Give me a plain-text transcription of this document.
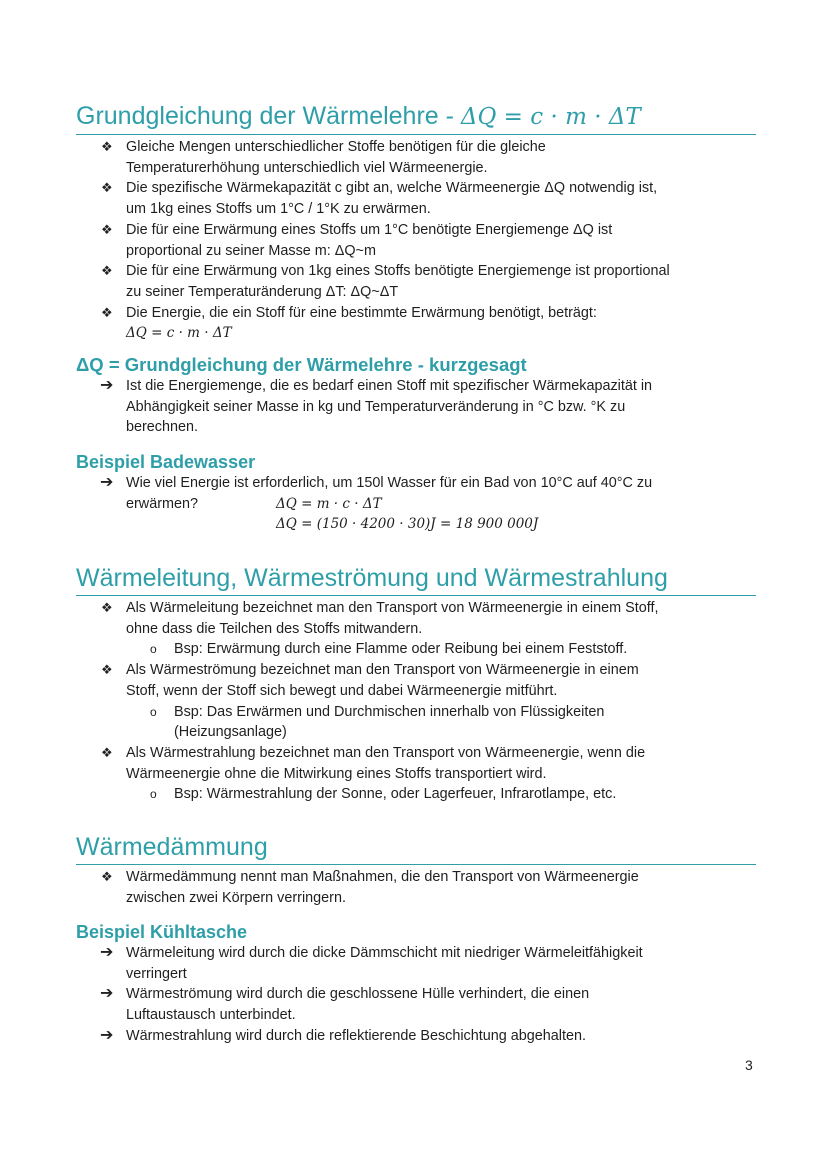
Grundgleichung der Wärmelehre - ΔQ = c · m · ΔT
❖ Gleiche Mengen unterschiedlicher Stoffe benötigen für die gleiche
Temperaturerhöhung unterschiedlich viel Wärmeenergie.
❖ Die spezifische Wärmekapazität c gibt an, welche Wärmeenergie ΔQ notwendig ist,
um 1kg eines Stoffs um 1°C / 1°K zu erwärmen.
❖ Die für eine Erwärmung eines Stoffs um 1°C benötigte Energiemenge ΔQ ist
proportional zu seiner Masse m: ΔQ~m
❖ Die für eine Erwärmung von 1kg eines Stoffs benötigte Energiemenge ist proportional
zu seiner Temperaturänderung ΔT: ΔQ~ΔT
❖ Die Energie, die ein Stoff für eine bestimmte Erwärmung benötigt, beträgt:
ΔQ = c · m · ΔT
ΔQ = Grundgleichung der Wärmelehre - kurzgesagt
➔ Ist die Energiemenge, die es bedarf einen Stoff mit spezifischer Wärmekapazität in
Abhängigkeit seiner Masse in kg und Temperaturveränderung in °C bzw. °K zu
berechnen.
Beispiel Badewasser
➔ Wie viel Energie ist erforderlich, um 150l Wasser für ein Bad von 10°C auf 40°C zu
erwärmen?	ΔQ = m · c · ΔT
ΔQ = (150 · 4200 · 30)J = 18 900 000J
Wärmeleitung, Wärmeströmung und Wärmestrahlung
❖ Als Wärmeleitung bezeichnet man den Transport von Wärmeenergie in einem Stoff,
ohne dass die Teilchen des Stoffs mitwandern.
o Bsp: Erwärmung durch eine Flamme oder Reibung bei einem Feststoff.
❖ Als Wärmeströmung bezeichnet man den Transport von Wärmeenergie in einem
Stoff, wenn der Stoff sich bewegt und dabei Wärmeenergie mitführt.
o Bsp: Das Erwärmen und Durchmischen innerhalb von Flüssigkeiten
(Heizungsanlage)
❖ Als Wärmestrahlung bezeichnet man den Transport von Wärmeenergie, wenn die
Wärmeenergie ohne die Mitwirkung eines Stoffs transportiert wird.
o Bsp: Wärmestrahlung der Sonne, oder Lagerfeuer, Infrarotlampe, etc.
Wärmedämmung
❖ Wärmedämmung nennt man Maßnahmen, die den Transport von Wärmeenergie
zwischen zwei Körpern verringern.
Beispiel Kühltasche
➔ Wärmeleitung wird durch die dicke Dämmschicht mit niedriger Wärmeleitfähigkeit
verringert
➔ Wärmeströmung wird durch die geschlossene Hülle verhindert, die einen
Luftaustausch unterbindet.
➔ Wärmestrahlung wird durch die reflektierende Beschichtung abgehalten.
3
